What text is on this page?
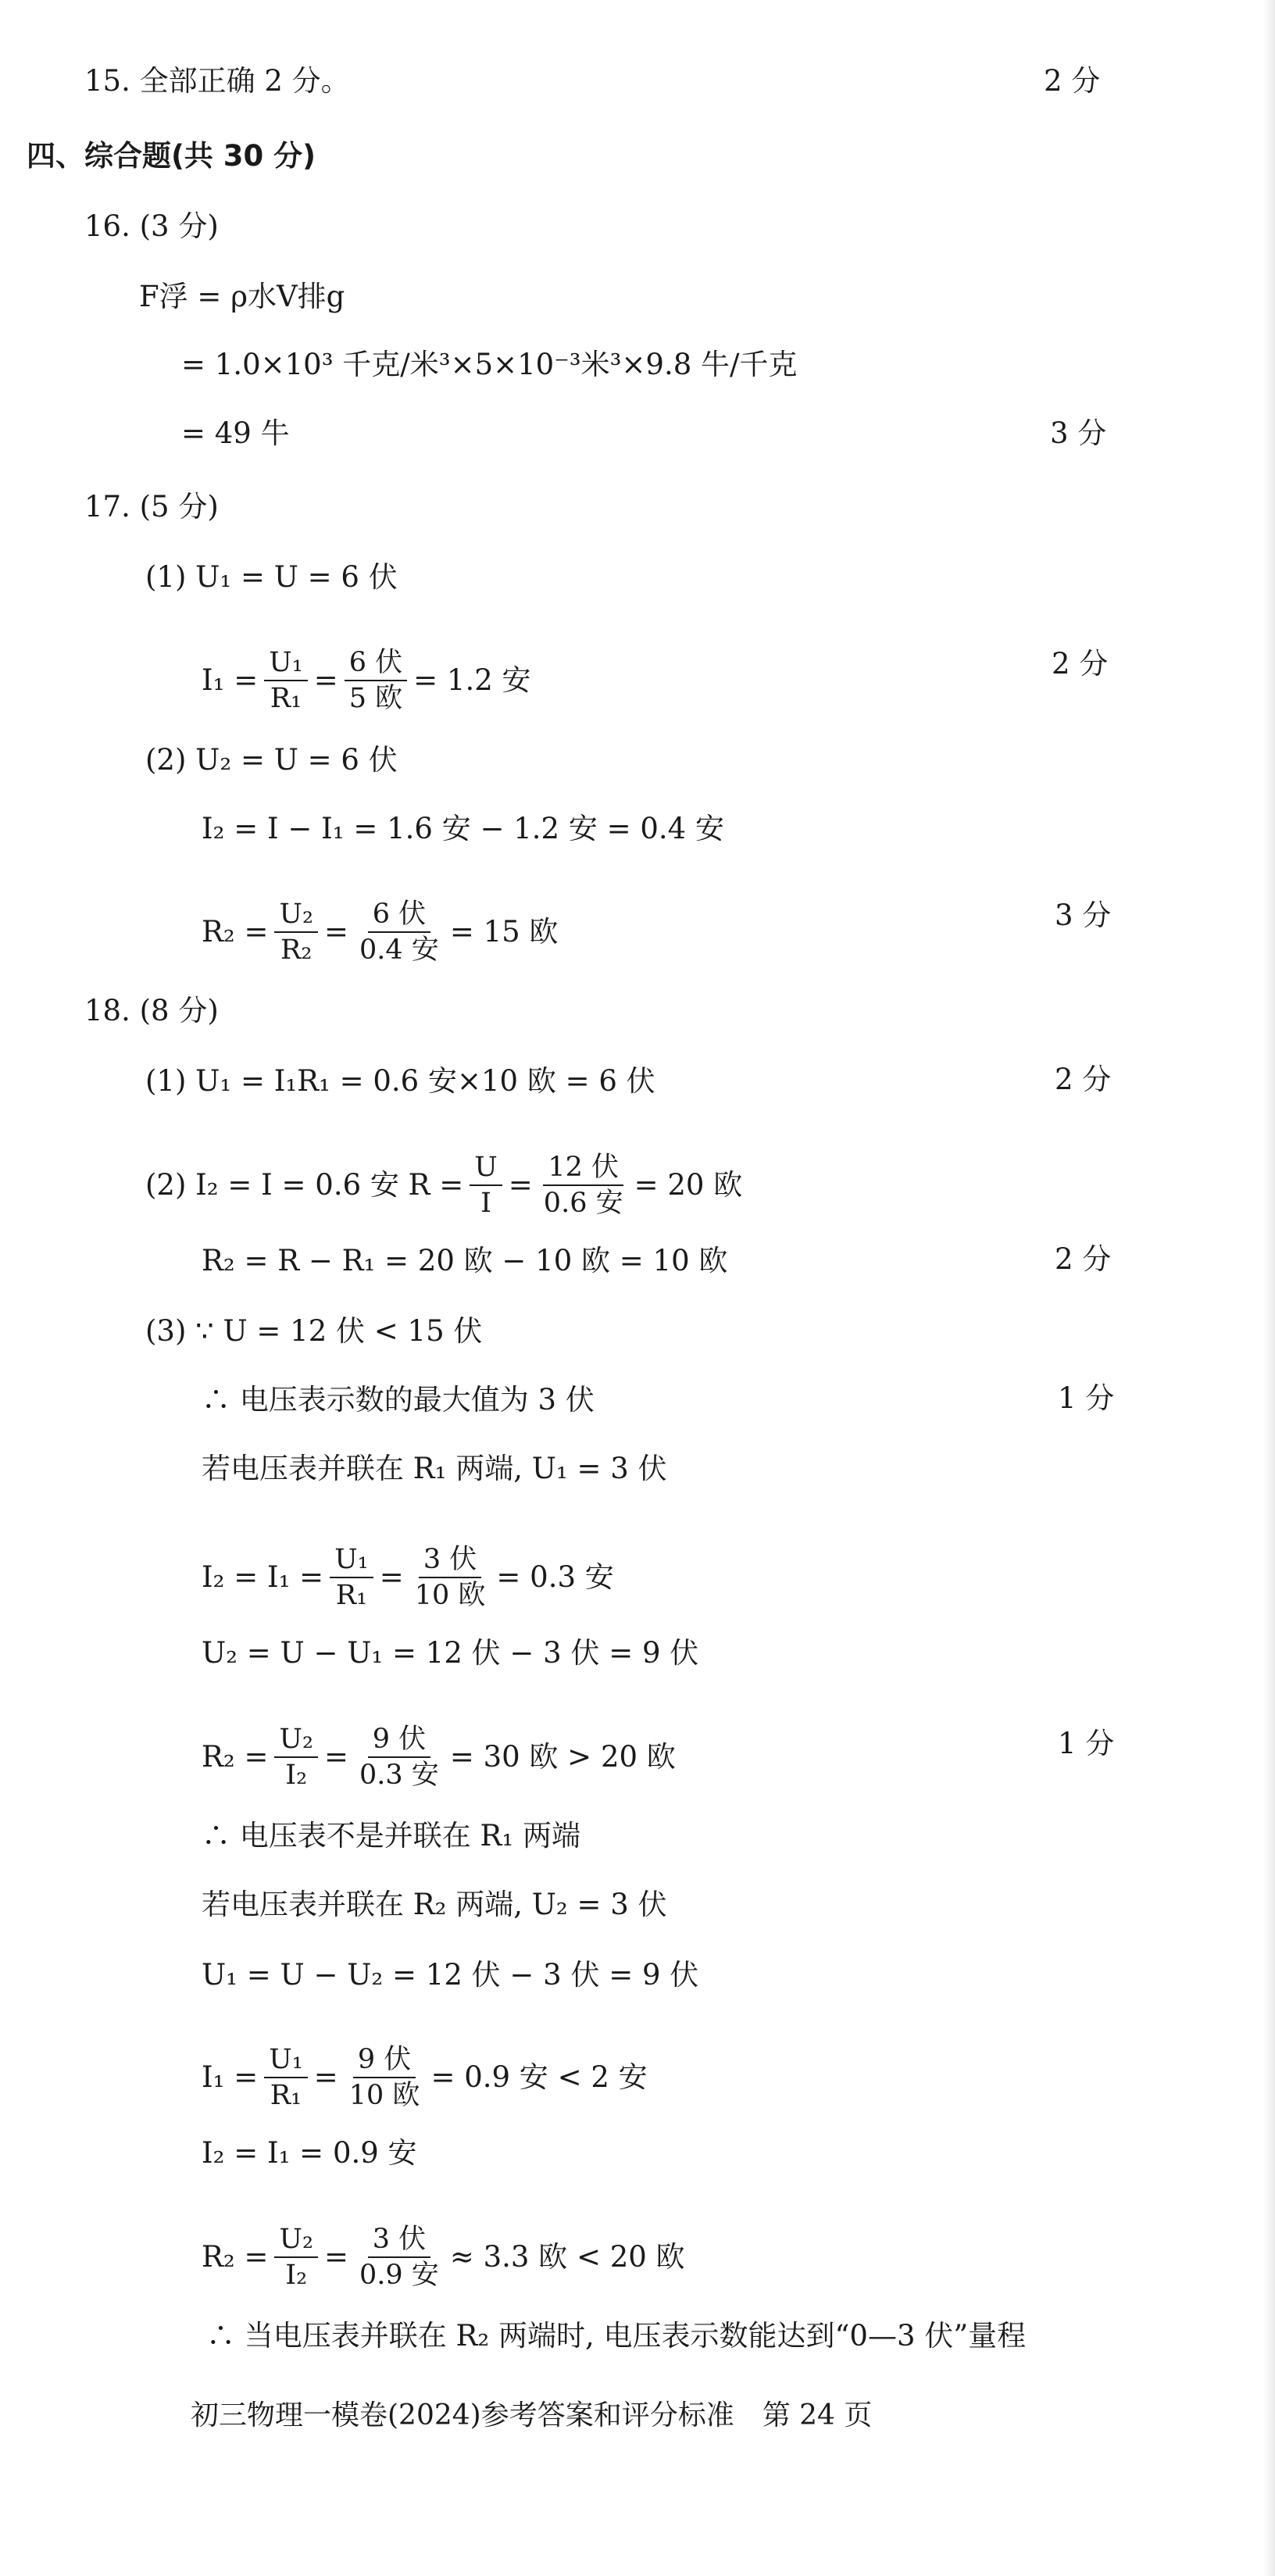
15. 全部正确 2 分。	2 分
四、综合题(共 30 分)
16. (3 分)
F浮 = ρ水V排g
= 1.0×10³ 千克/米³×5×10⁻³米³×9.8 牛/千克
= 49 牛	3 分
17. (5 分)
(1) U₁ = U = 6 伏
$I_1 = \frac{\text{U₁}}{\text{R₁}} = \frac{\text{6 伏}}{\text{5 欧}} = 1.2$ 安	2 分
(2) U₂ = U = 6 伏
I₂ = I − I₁ = 1.6 安 − 1.2 安 = 0.4 安
$R_2 = \frac{\text{U₂}}{\text{R₂}} = \frac{\text{6 伏}}{\text{0.4 安}} = 15$ 欧	3 分
18. (8 分)
(1) U₁ = I₁R₁ = 0.6 安×10 欧 = 6 伏	2 分
(2) I₂ = I = 0.6 安 $R = \frac{U}{I} = \frac{\text{12 伏}}{\text{0.6 安}} = 20$ 欧
R₂ = R − R₁ = 20 欧 − 10 欧 = 10 欧	2 分
(3) ∵ U = 12 伏 < 15 伏
∴ 电压表示数的最大值为 3 伏	1 分
若电压表并联在 R₁ 两端, U₁ = 3 伏
$I_2 = I_1 = \frac{\text{U₁}}{\text{R₁}} = \frac{\text{3 伏}}{\text{10 欧}} = 0.3$ 安
U₂ = U − U₁ = 12 伏 − 3 伏 = 9 伏
$R_2 = \frac{\text{U₂}}{\text{I₂}} = \frac{\text{9 伏}}{\text{0.3 安}} = 30$ 欧 > 20 欧	1 分
∴ 电压表不是并联在 R₁ 两端
若电压表并联在 R₂ 两端, U₂ = 3 伏
U₁ = U − U₂ = 12 伏 − 3 伏 = 9 伏
$I_1 = \frac{\text{U₁}}{\text{R₁}} = \frac{\text{9 伏}}{\text{10 欧}} = 0.9$ 安 < 2 安
I₂ = I₁ = 0.9 安
$R_2 = \frac{\text{U₂}}{\text{I₂}} = \frac{\text{3 伏}}{\text{0.9 安}} \approx 3.3$ 欧 < 20 欧
∴ 当电压表并联在 R₂ 两端时, 电压表示数能达到“0—3 伏”量程
初三物理一模卷(2024)参考答案和评分标准　第 24 页
